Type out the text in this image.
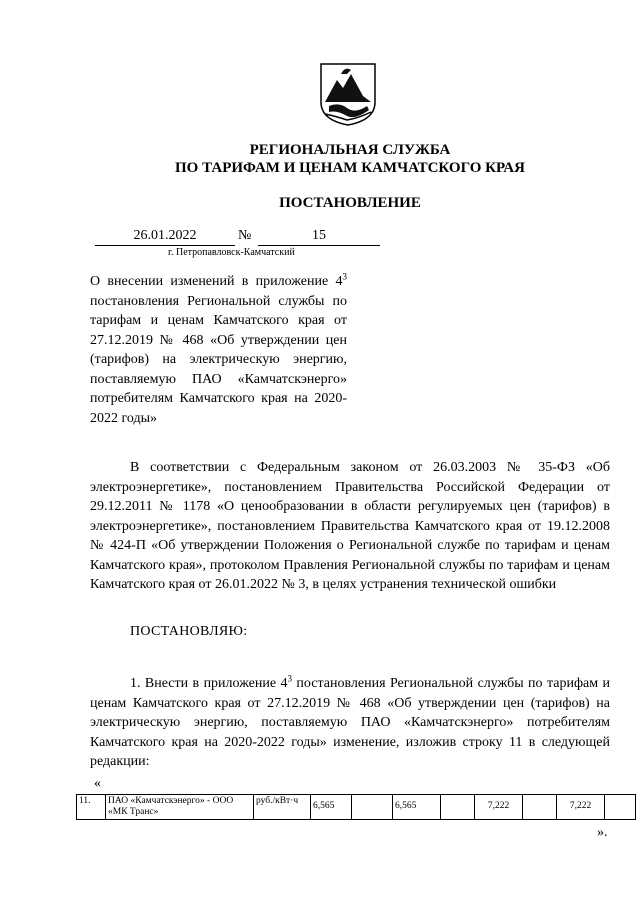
РЕГИОНАЛЬНАЯ СЛУЖБА
ПО ТАРИФАМ И ЦЕНАМ КАМЧАТСКОГО КРАЯ
ПОСТАНОВЛЕНИЕ
26.01.2022	№	15
г. Петропавловск-Камчатский
О внесении изменений в приложение $4^3$ постановления Региональной службы по тарифам и ценам Камчатского края от 27.12.2019 № 468 «Об утверждении цен (тарифов) на электрическую энергию, поставляемую ПАО «Камчатскэнерго» потребителям Камчатского края на 2020-2022 годы»
В соответствии с Федеральным законом от 26.03.2003 № 35-ФЗ «Об электроэнергетике», постановлением Правительства Российской Федерации от 29.12.2011 № 1178 «О ценообразовании в области регулируемых цен (тарифов) в электроэнергетике», постановлением Правительства Камчатского края от 19.12.2008 № 424-П «Об утверждении Положения о Региональной службе по тарифам и ценам Камчатского края», протоколом Правления Региональной службы по тарифам и ценам Камчатского края от 26.01.2022 № 3, в целях устранения технической ошибки
ПОСТАНОВЛЯЮ:
1. Внести в приложение $4^3$ постановления Региональной службы по тарифам и ценам Камчатского края от 27.12.2019 № 468 «Об утверждении цен (тарифов) на электрическую энергию, поставляемую ПАО «Камчатскэнерго» потребителям Камчатского края на 2020-2022 годы» изменение, изложив строку 11 в следующей редакции:
«
11.	ПАО «Камчатскэнерго» - ООО «МК Транс»	руб./кВт·ч	6,565		6,565		7,222		7,222	
».
